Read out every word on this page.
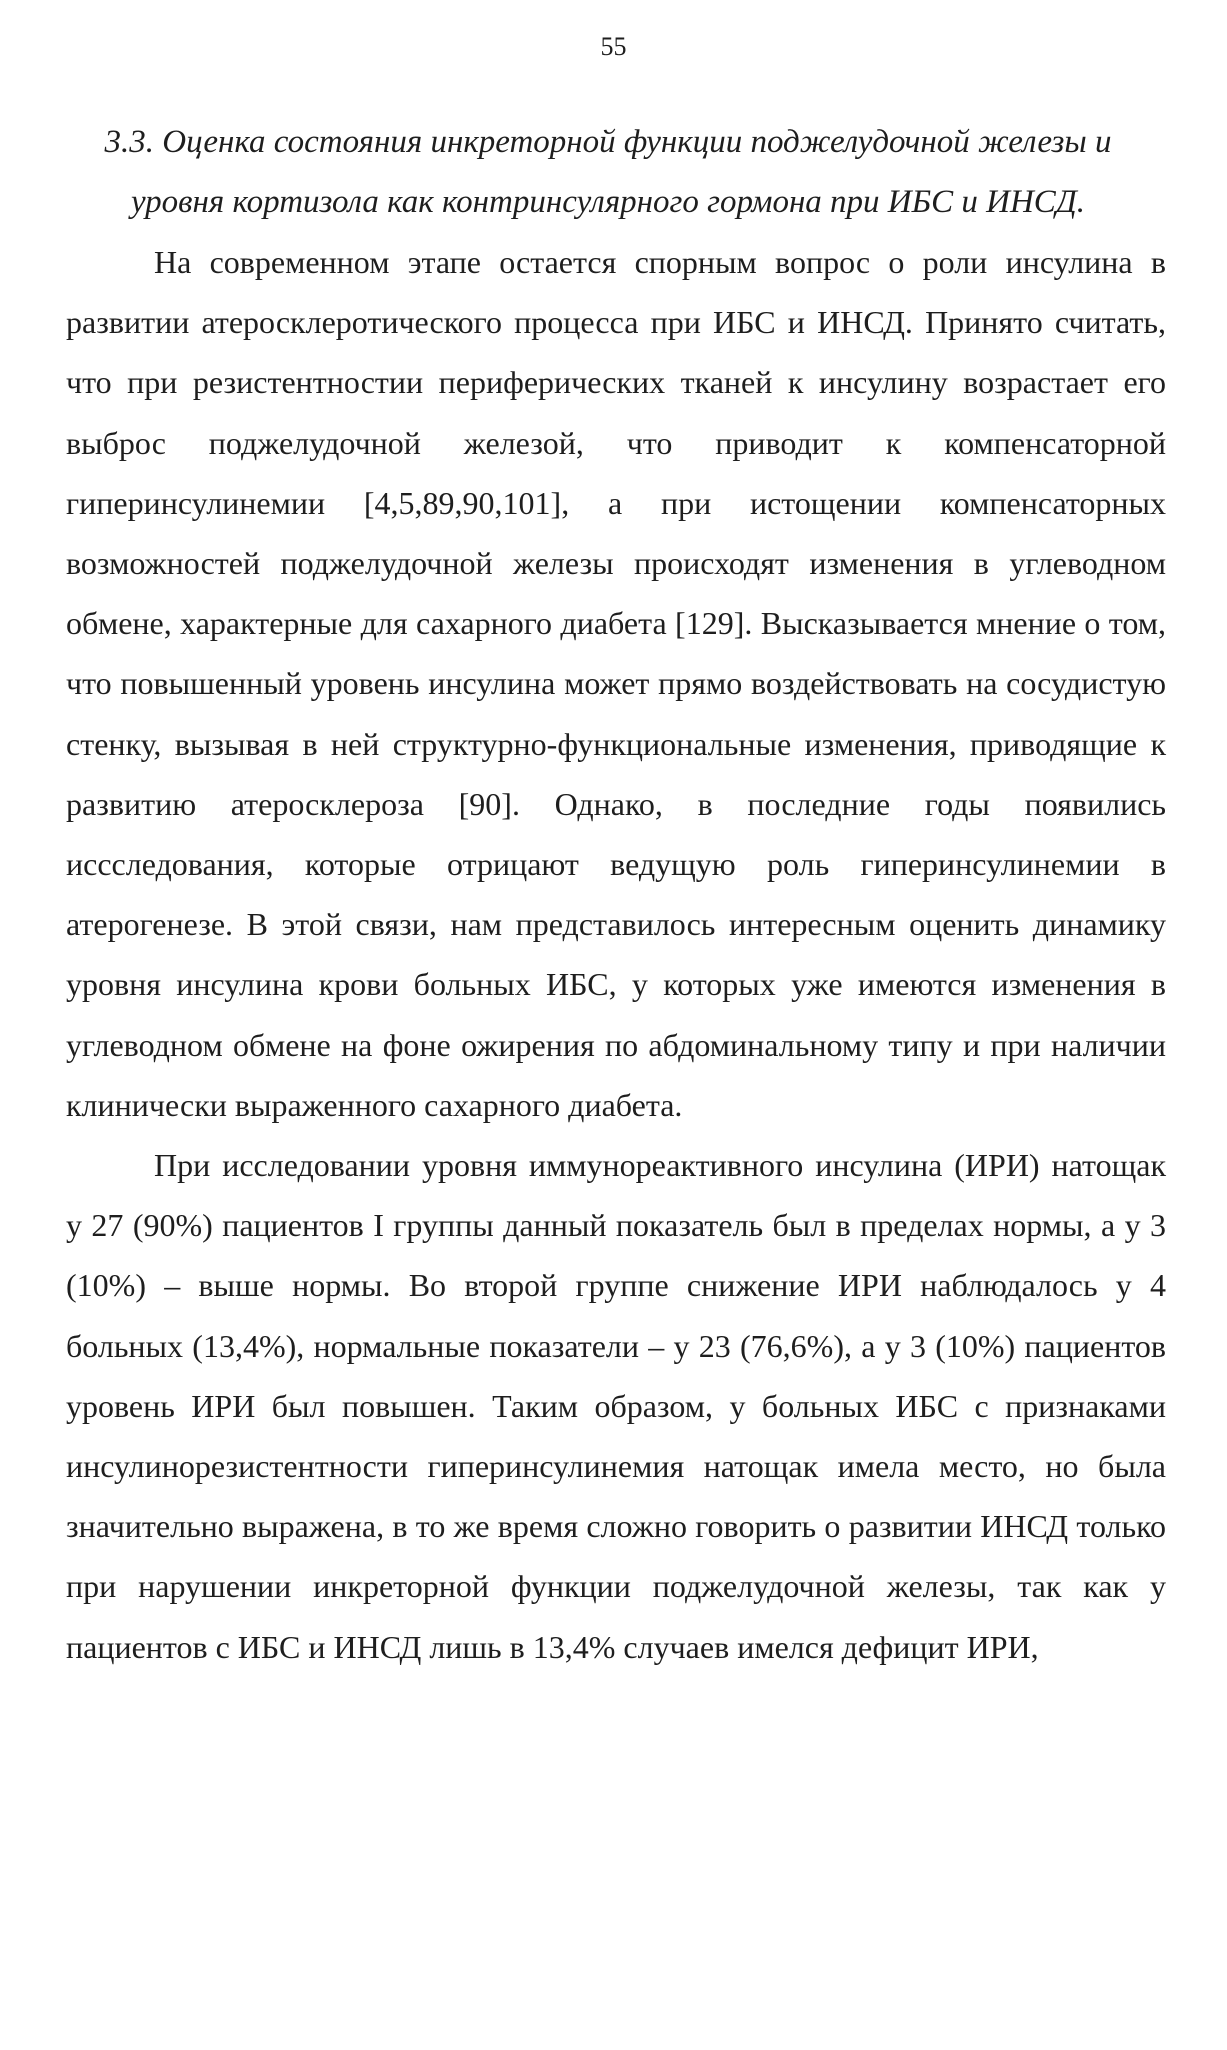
55
3.3. Оценка состояния инкреторной функции поджелудочной железы и
уровня кортизола как контринсулярного гормона при ИБС и ИНСД.

На современном этапе остается спорным вопрос о роли инсулина в развитии атеросклеротического процесса при ИБС и ИНСД. Принято считать, что при резистентностии периферических тканей к инсулину возрастает его выброс поджелудочной железой, что приводит к компенсаторной гиперинсулинемии [4,5,89,90,101], а при истощении компенсаторных возможностей поджелудочной железы происходят изменения в углеводном обмене, характерные для сахарного диабета [129]. Высказывается мнение о том, что повышенный уровень инсулина может прямо воздействовать на сосудистую стенку, вызывая в ней структурно-функциональные изменения, приводящие к развитию атеросклероза [90]. Однако, в последние годы появились иссследования, которые отрицают ведущую роль гиперинсулинемии в атерогенезе. В этой связи, нам представилось интересным оценить динамику уровня инсулина крови больных ИБС, у которых уже имеются изменения в углеводном обмене на фоне ожирения по абдоминальному типу и при наличии клинически выраженного сахарного диабета.

При исследовании уровня иммунореактивного инсулина (ИРИ) натощак у 27 (90%) пациентов I группы данный показатель был в пределах нормы, а у 3 (10%) – выше нормы. Во второй группе снижение ИРИ наблюдалось у 4 больных (13,4%), нормальные показатели – у 23 (76,6%), а у 3 (10%) пациентов уровень ИРИ был повышен. Таким образом, у больных ИБС с признаками инсулинорезистентности гиперинсулинемия натощак имела место, но была значительно выражена, в то же время сложно говорить о развитии ИНСД только при нарушении инкреторной функции поджелудочной железы, так как у пациентов с ИБС и ИНСД лишь в 13,4% случаев имелся дефицит ИРИ,
